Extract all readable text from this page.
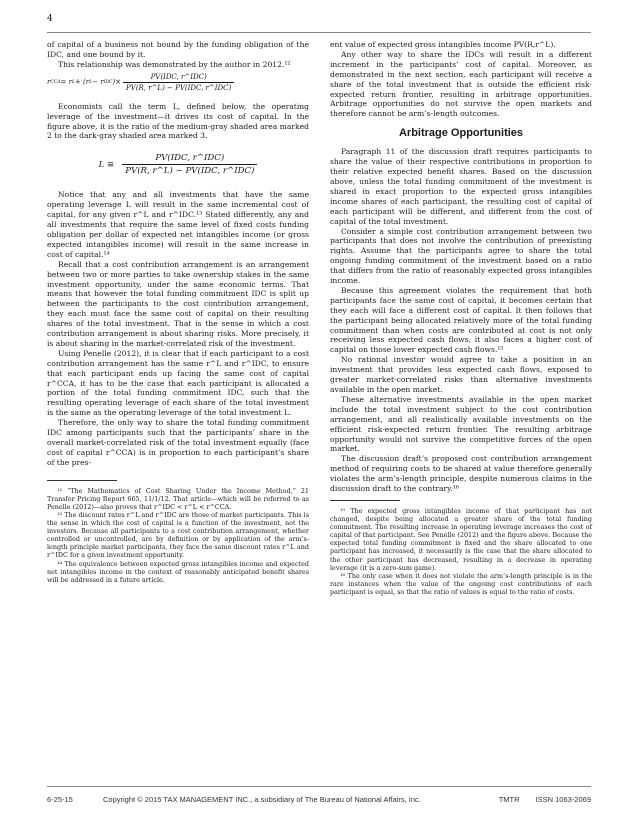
4

of capital of a business not bound by the funding obligation of the IDC, and one bound by it.

This relationship was demonstrated by the author in 2012.¹²

r CCA = r L + (r L − r IDC )× $\frac{\text{PV(IDC, r\textasciicircum{}IDC)}}{\text{PV(R, r\textasciicircum{}L) − PV(IDC, r\textasciicircum{}IDC)}}$

Economists call the term L, defined below, the operating leverage of the investment—it drives its cost of capital. In the figure above, it is the ratio of the medium-gray shaded area marked 2 to the dark-gray shaded area marked 3.

$L \equiv \frac{\text{PV(IDC, r\textasciicircum{}IDC)}}{\text{PV(R, r\textasciicircum{}L) − PV(IDC, r\textasciicircum{}IDC)}}$

Notice that any and all investments that have the same operating leverage L will result in the same incremental cost of capital, for any given r^L and r^IDC.¹³ Stated differently, any and all investments that require the same level of fixed costs funding obligation per dollar of expected net intangibles income (or gross expected intangibles income) will result in the same increase in cost of capital.¹⁴

Recall that a cost contribution arrangement is an arrangement between two or more parties to take ownership stakes in the same investment opportunity, under the same economic terms. That means that however the total funding commitment IDC is split up between the participants to the cost contribution arrangement, they each must face the same cost of capital on their resulting shares of the total investment. That is the sense in which a cost contribution arrangement is about sharing risks. More precisely, it is about sharing in the market-correlated risk of the investment.

Using Penelle (2012), it is clear that if each participant to a cost contribution arrangement has the same r^L and r^IDC, to ensure that each participant ends up facing the same cost of capital r^CCA, it has to be the case that each participant is allocated a portion of the total funding commitment IDC, such that the resulting operating leverage of each share of the total investment is the same as the operating leverage of the total investment L.

Therefore, the only way to share the total funding commitment IDC among participants such that the participants’ share in the overall market-correlated risk of the total investment equally (face cost of capital r^CCA) is in proportion to each participant’s share of the pres-

¹² “The Mathematics of Cost Sharing Under the Income Method,” 21 Transfer Pricing Report 665, 11/1/12. That article—which will be referred to as Penelle (2012)—also proves that r^IDC < r^L < r^CCA.

¹³ The discount rates r^L and r^IDC are those of market participants. This is the sense in which the cost of capital is a function of the investment, not the investors. Because all participants to a cost contribution arrangement, whether controlled or uncontrolled, are by definition or by application of the arm’s-length principle market participants, they face the same discount rates r^L and r^IDC for a given investment opportunity.

¹⁴ The equivalence between expected gross intangibles income and expected net intangibles income in the context of reasonably anticipated benefit shares will be addressed in a future article.

ent value of expected gross intangibles income PV(R,r^L).

Any other way to share the IDCs will result in a different increment in the participants’ cost of capital. Moreover, as demonstrated in the next section, each participant will receive a share of the total investment that is outside the efficient risk-expected return frontier, resulting in arbitrage opportunities. Arbitrage opportunities do not survive the open markets and therefore cannot be arm’s-length outcomes.

Arbitrage Opportunities

Paragraph 11 of the discussion draft requires participants to share the value of their respective contributions in proportion to their relative expected benefit shares. Based on the discussion above, unless the total funding commitment of the investment is shared in exact proportion to the expected gross intangibles income shares of each participant, the resulting cost of capital of each participant will be different, and different from the cost of capital of the total investment.

Consider a simple cost contribution arrangement between two participants that does not involve the contribution of preexisting rights. Assume that the participants agree to share the total ongoing funding commitment of the investment based on a ratio that differs from the ratio of reasonably expected gross intangibles income.

Because this agreement violates the requirement that both participants face the same cost of capital, it becomes certain that they each will face a different cost of capital. It then follows that the participant being allocated relatively more of the total funding commitment than when costs are contributed at cost is not only receiving less expected cash flows, it also faces a higher cost of capital on those lower expected cash flows.¹⁵

No rational investor would agree to take a position in an investment that provides less expected cash flows, exposed to greater market-correlated risks than alternative investments available in the open market.

These alternative investments available in the open market include the total investment subject to the cost contribution arrangement, and all realistically available investments on the efficient risk-expected return frontier. The resulting arbitrage opportunity would not survive the competitive forces of the open market.

The discussion draft’s proposed cost contribution arrangement method of requiring costs to be shared at value therefore generally violates the arm’s-length principle, despite numerous claims in the discussion draft to the contrary.¹⁶

¹⁵ The expected gross intangibles income of that participant has not changed, despite being allocated a greater share of the total funding commitment. The resulting increase in operating leverage increases the cost of capital of that participant. See Penelle (2012) and the figure above. Because the expected total funding commitment is fixed and the share allocated to one participant has increased, it necessarily is the case that the share allocated to the other participant has decreased, resulting in a decrease in operating leverage (it is a zero-sum game).

¹⁶ The only case when it does not violate the arm’s-length principle is in the rare instances when the value of the ongoing cost contributions of each participant is equal, so that the ratio of values is equal to the ratio of costs.

6-25-15	Copyright © 2015 TAX MANAGEMENT INC., a subsidiary of The Bureau of National Affairs, Inc.	TMTR ISSN 1063-2069
